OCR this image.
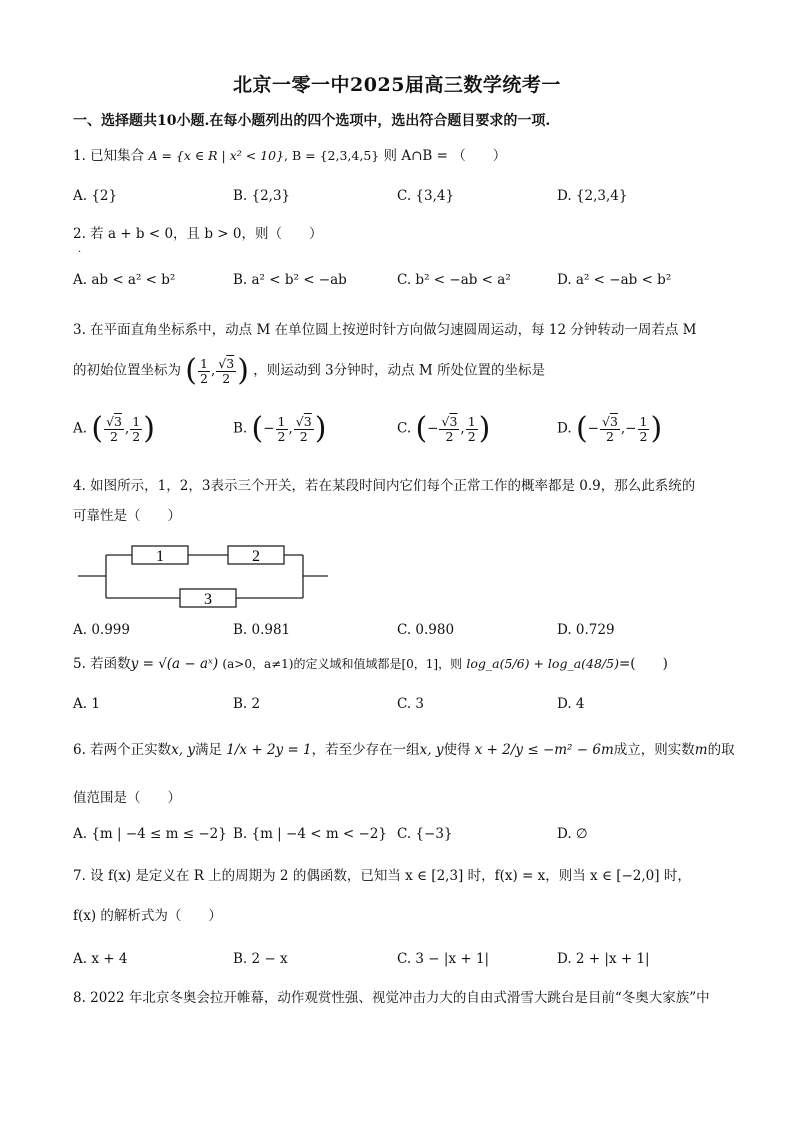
北京一零一中2025届高三数学统考一
一、选择题共10小题.在每小题列出的四个选项中，选出符合题目要求的一项.
1. 已知集合 A = {x ∈ R | x² < 10}, B = {2,3,4,5} 则 A∩B = （　　）
A. {2}	B. {2,3}	C. {3,4}	D. {2,3,4}
2. 若 a + b < 0，且 b > 0，则（　　）
.
A. ab < a² < b²	B. a² < b² < −ab	C. b² < −ab < a²	D. a² < −ab < b²
3. 在平面直角坐标系中，动点 M 在单位圆上按逆时针方向做匀速圆周运动，每 12 分钟转动一周若点 M
的初始位置坐标为 ( $\frac{1}{2}$ , $\frac{√3}{2}$ ) ，则运动到 3分钟时，动点 M 所处位置的坐标是
A. ( $\frac{√3}{2}$ , $\frac{1}{2}$ )	B. (− $\frac{1}{2}$ , $\frac{√3}{2}$ )	C. (− $\frac{√3}{2}$ , $\frac{1}{2}$ )	D. (− $\frac{√3}{2}$ ,− $\frac{1}{2}$ )
4. 如图所示，1，2，3表示三个开关，若在某段时间内它们每个正常工作的概率都是 0.9，那么此系统的
可靠性是（　　）
1	2
3
A. 0.999	B. 0.981	C. 0.980	D. 0.729
5. 若函数y = √(a − aˣ) (a>0，a≠1)的定义域和值域都是[0，1]，则 log_a(5/6) + log_a(48/5)=(　　)
A. 1	B. 2	C. 3	D. 4
6. 若两个正实数x, y满足 1/x + 2y = 1，若至少存在一组x, y使得 x + 2/y ≤ −m² − 6m成立，则实数m的取
值范围是（　　）
A. {m | −4 ≤ m ≤ −2} B. {m | −4 < m < −2} C. {−3}	D. ∅
7. 设 f(x) 是定义在 R 上的周期为 2 的偶函数，已知当 x ∈ [2,3] 时，f(x) = x，则当 x ∈ [−2,0] 时，
f(x) 的解析式为（　　）
A. x + 4	B. 2 − x	C. 3 − |x + 1|	D. 2 + |x + 1|
8. 2022 年北京冬奥会拉开帷幕，动作观赏性强、视觉冲击力大的自由式滑雪大跳台是目前“冬奥大家族”中
